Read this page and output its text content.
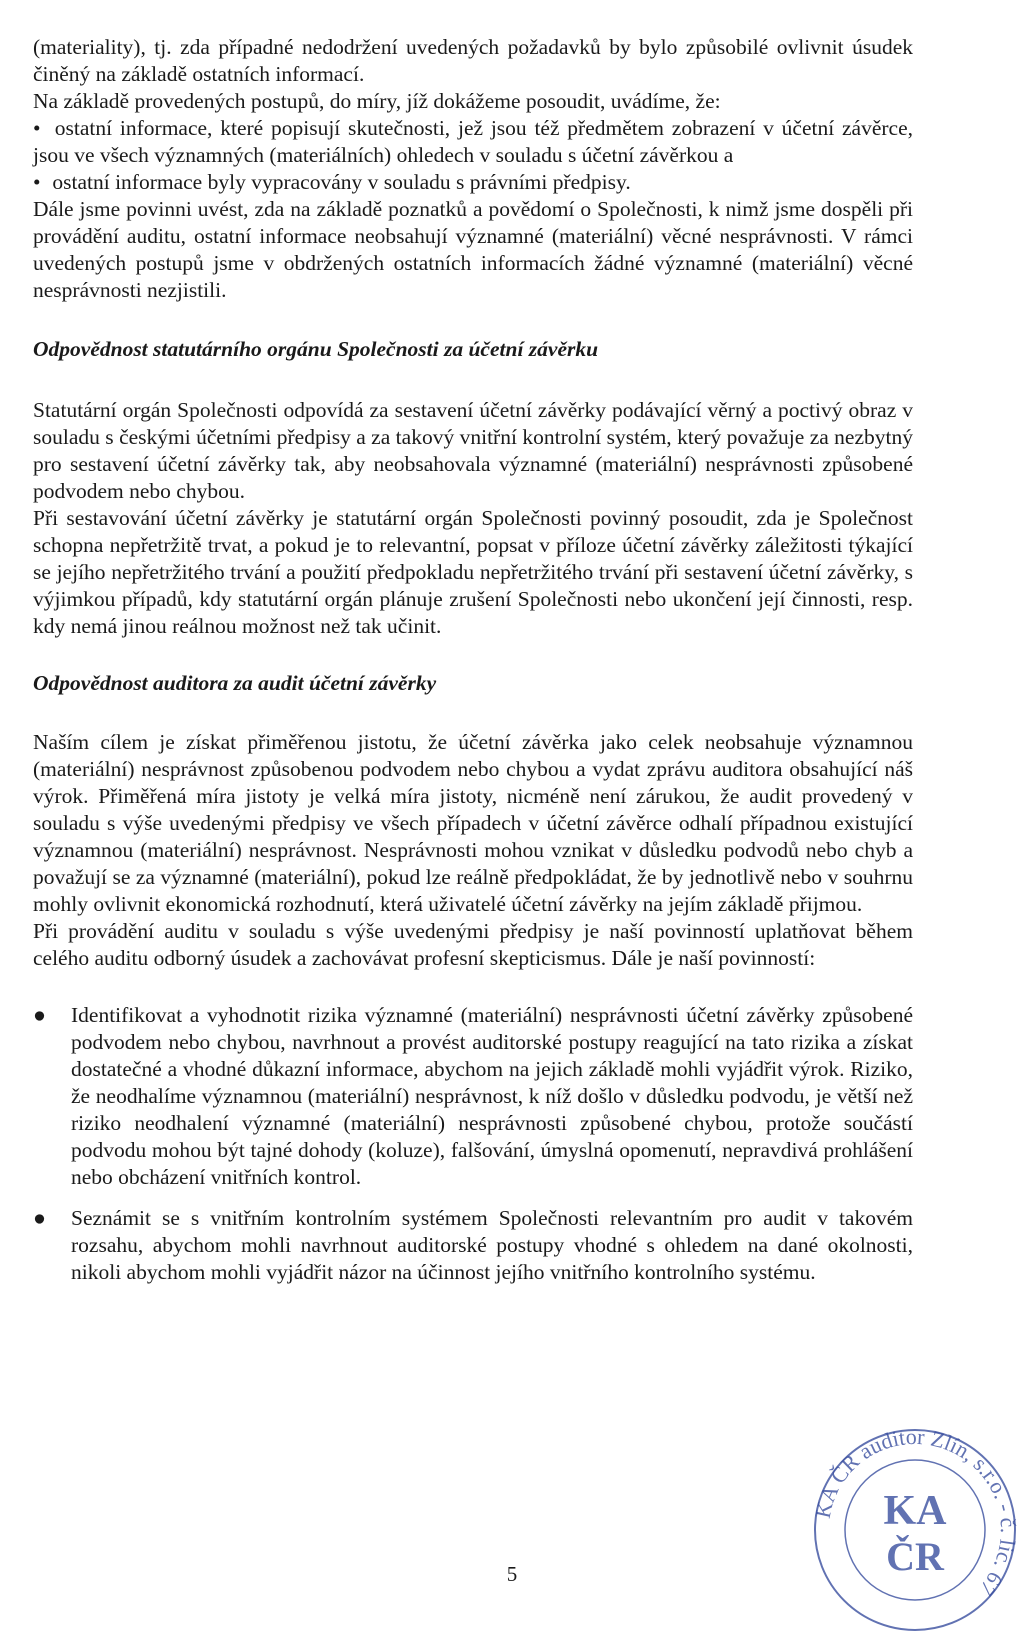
(materiality), tj. zda případné nedodržení uvedených požadavků by bylo způsobilé ovlivnit úsudek činěný na základě ostatních informací.

Na základě provedených postupů, do míry, jíž dokážeme posoudit, uvádíme, že:

• ostatní informace, které popisují skutečnosti, jež jsou též předmětem zobrazení v účetní závěrce, jsou ve všech významných (materiálních) ohledech v souladu s účetní závěrkou a
• ostatní informace byly vypracovány v souladu s právními předpisy.

Dále jsme povinni uvést, zda na základě poznatků a povědomí o Společnosti, k nimž jsme dospěli při provádění auditu, ostatní informace neobsahují významné (materiální) věcné nesprávnosti. V rámci uvedených postupů jsme v obdržených ostatních informacích žádné významné (materiální) věcné nesprávnosti nezjistili.

Odpovědnost statutárního orgánu Společnosti za účetní závěrku

Statutární orgán Společnosti odpovídá za sestavení účetní závěrky podávající věrný a poctivý obraz v souladu s českými účetními předpisy a za takový vnitřní kontrolní systém, který považuje za nezbytný pro sestavení účetní závěrky tak, aby neobsahovala významné (materiální) nesprávnosti způsobené podvodem nebo chybou.

Při sestavování účetní závěrky je statutární orgán Společnosti povinný posoudit, zda je Společnost schopna nepřetržitě trvat, a pokud je to relevantní, popsat v příloze účetní závěrky záležitosti týkající se jejího nepřetržitého trvání a použití předpokladu nepřetržitého trvání při sestavení účetní závěrky, s výjimkou případů, kdy statutární orgán plánuje zrušení Společnosti nebo ukončení její činnosti, resp. kdy nemá jinou reálnou možnost než tak učinit.

Odpovědnost auditora za audit účetní závěrky

Naším cílem je získat přiměřenou jistotu, že účetní závěrka jako celek neobsahuje významnou (materiální) nesprávnost způsobenou podvodem nebo chybou a vydat zprávu auditora obsahující náš výrok. Přiměřená míra jistoty je velká míra jistoty, nicméně není zárukou, že audit provedený v souladu s výše uvedenými předpisy ve všech případech v účetní závěrce odhalí případnou existující významnou (materiální) nesprávnost. Nesprávnosti mohou vznikat v důsledku podvodů nebo chyb a považují se za významné (materiální), pokud lze reálně předpokládat, že by jednotlivě nebo v souhrnu mohly ovlivnit ekonomická rozhodnutí, která uživatelé účetní závěrky na jejím základě přijmou.

Při provádění auditu v souladu s výše uvedenými předpisy je naší povinností uplatňovat během celého auditu odborný úsudek a zachovávat profesní skepticismus. Dále je naší povinností:

● Identifikovat a vyhodnotit rizika významné (materiální) nesprávnosti účetní závěrky způsobené podvodem nebo chybou, navrhnout a provést auditorské postupy reagující na tato rizika a získat dostatečné a vhodné důkazní informace, abychom na jejich základě mohli vyjádřit výrok. Riziko, že neodhalíme významnou (materiální) nesprávnost, k níž došlo v důsledku podvodu, je větší než riziko neodhalení významné (materiální) nesprávnosti způsobené chybou, protože součástí podvodu mohou být tajné dohody (koluze), falšování, úmyslná opomenutí, nepravdivá prohlášení nebo obcházení vnitřních kontrol.
● Seznámit se s vnitřním kontrolním systémem Společnosti relevantním pro audit v takovém rozsahu, abychom mohli navrhnout auditorské postupy vhodné s ohledem na dané okolnosti, nikoli abychom mohli vyjádřit názor na účinnost jejího vnitřního kontrolního systému.
5
KA ČR auditor Zlín, s.r.o. - č. lic. 67
KA
ČR
